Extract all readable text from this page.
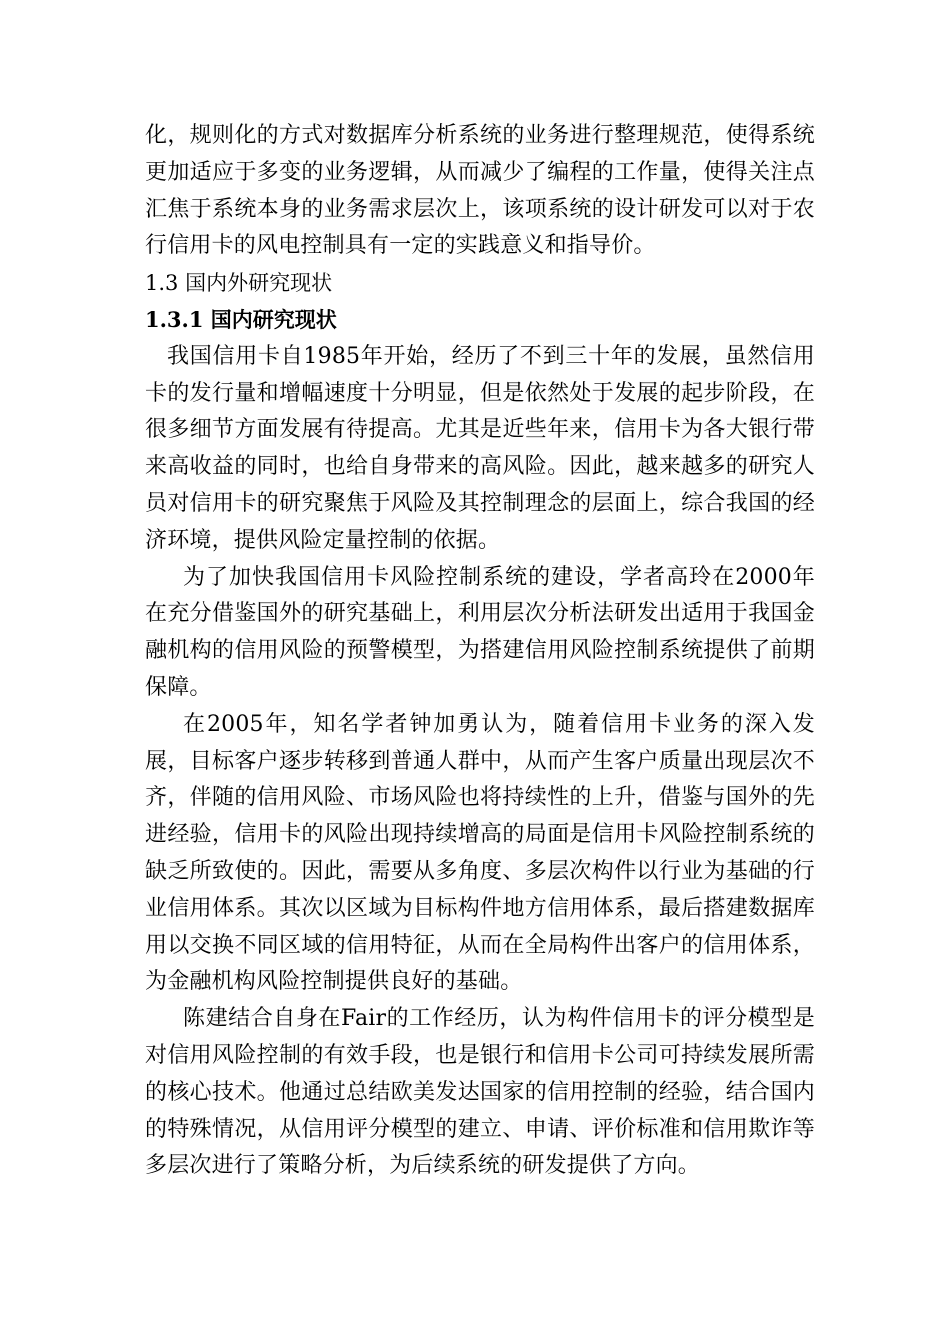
化，规则化的方式对数据库分析系统的业务进行整理规范，使得系统更加适应于多变的业务逻辑，从而减少了编程的工作量，使得关注点汇焦于系统本身的业务需求层次上，该项系统的设计研发可以对于农行信用卡的风电控制具有一定的实践意义和指导价。

1.3 国内外研究现状
1.3.1 国内研究现状

我国信用卡自1985年开始，经历了不到三十年的发展，虽然信用卡的发行量和增幅速度十分明显，但是依然处于发展的起步阶段，在很多细节方面发展有待提高。尤其是近些年来，信用卡为各大银行带来高收益的同时，也给自身带来的高风险。因此，越来越多的研究人员对信用卡的研究聚焦于风险及其控制理念的层面上，综合我国的经济环境，提供风险定量控制的依据。

为了加快我国信用卡风险控制系统的建设，学者高玲在2000年在充分借鉴国外的研究基础上，利用层次分析法研发出适用于我国金融机构的信用风险的预警模型，为搭建信用风险控制系统提供了前期保障。

在2005年，知名学者钟加勇认为，随着信用卡业务的深入发展，目标客户逐步转移到普通人群中，从而产生客户质量出现层次不齐，伴随的信用风险、市场风险也将持续性的上升，借鉴与国外的先进经验，信用卡的风险出现持续增高的局面是信用卡风险控制系统的缺乏所致使的。因此，需要从多角度、多层次构件以行业为基础的行业信用体系。其次以区域为目标构件地方信用体系，最后搭建数据库用以交换不同区域的信用特征，从而在全局构件出客户的信用体系，为金融机构风险控制提供良好的基础。

陈建结合自身在Fair的工作经历，认为构件信用卡的评分模型是对信用风险控制的有效手段，也是银行和信用卡公司可持续发展所需的核心技术。他通过总结欧美发达国家的信用控制的经验，结合国内的特殊情况，从信用评分模型的建立、申请、评价标准和信用欺诈等多层次进行了策略分析，为后续系统的研发提供了方向。
